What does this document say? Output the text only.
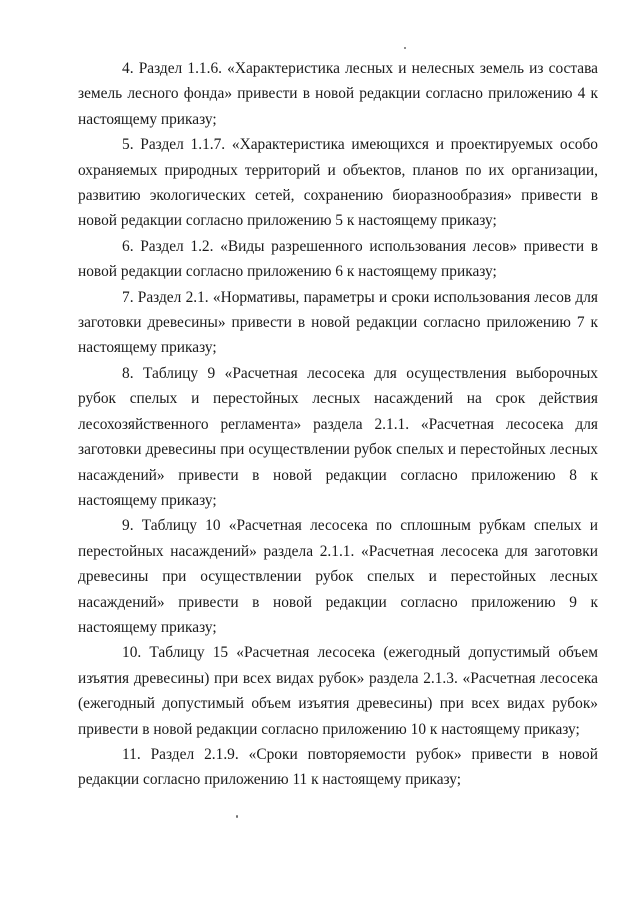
4. Раздел 1.1.6. «Характеристика лесных и нелесных земель из состава земель лесного фонда» привести в новой редакции согласно приложению 4 к настоящему приказу;

5. Раздел 1.1.7. «Характеристика имеющихся и проектируемых особо охраняемых природных территорий и объектов, планов по их организации, развитию экологических сетей, сохранению биоразнообразия» привести в новой редакции согласно приложению 5 к настоящему приказу;

6. Раздел 1.2. «Виды разрешенного использования лесов» привести в новой редакции согласно приложению 6 к настоящему приказу;

7. Раздел 2.1. «Нормативы, параметры и сроки использования лесов для заготовки древесины» привести в новой редакции согласно приложению 7 к настоящему приказу;

8. Таблицу 9 «Расчетная лесосека для осуществления выборочных рубок спелых и перестойных лесных насаждений на срок действия лесохозяйственного регламента» раздела 2.1.1. «Расчетная лесосека для заготовки древесины при осуществлении рубок спелых и перестойных лесных насаждений» привести в новой редакции согласно приложению 8 к настоящему приказу;

9. Таблицу 10 «Расчетная лесосека по сплошным рубкам спелых и перестойных насаждений» раздела 2.1.1. «Расчетная лесосека для заготовки древесины при осуществлении рубок спелых и перестойных лесных насаждений» привести в новой редакции согласно приложению 9 к настоящему приказу;

10. Таблицу 15 «Расчетная лесосека (ежегодный допустимый объем изъятия древесины) при всех видах рубок» раздела 2.1.3. «Расчетная лесосека (ежегодный допустимый объем изъятия древесины) при всех видах рубок» привести в новой редакции согласно приложению 10 к настоящему приказу;

11. Раздел 2.1.9. «Сроки повторяемости рубок» привести в новой редакции согласно приложению 11 к настоящему приказу;
